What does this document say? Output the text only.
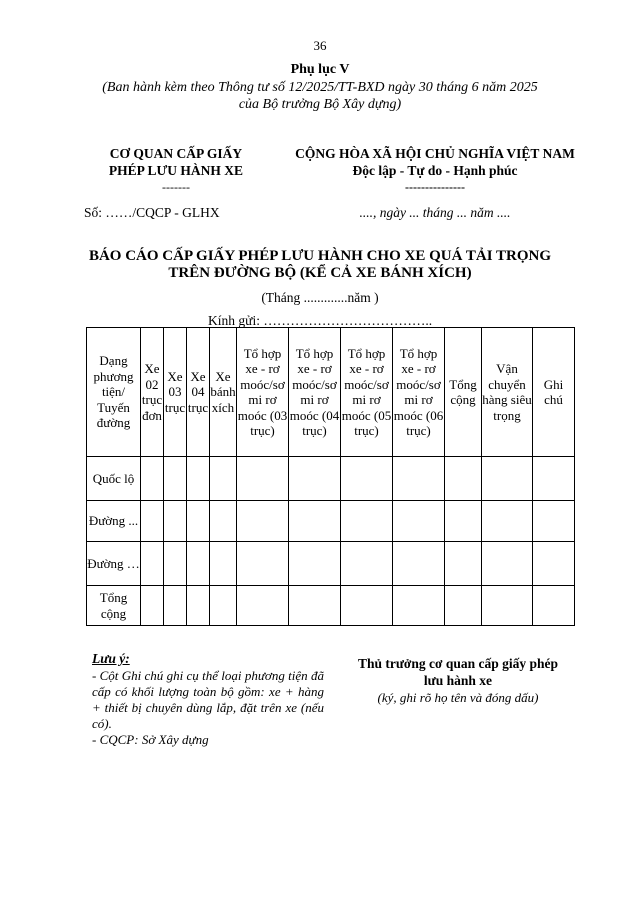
36
Phụ lục V
(Ban hành kèm theo Thông tư số 12/2025/TT-BXD ngày 30 tháng 6 năm 2025
của Bộ trưởng Bộ Xây dựng)
CƠ QUAN CẤP GIẤY
PHÉP LƯU HÀNH XE
-------
Số: ……/CQCP - GLHX
CỘNG HÒA XÃ HỘI CHỦ NGHĨA VIỆT NAM
Độc lập - Tự do - Hạnh phúc
---------------
...., ngày ... tháng ... năm ....
BÁO CÁO CẤP GIẤY PHÉP LƯU HÀNH CHO XE QUÁ TẢI TRỌNG
TRÊN ĐƯỜNG BỘ (KỂ CẢ XE BÁNH XÍCH)
(Tháng .............năm )
Kính gửi: ………………………………..
Dạng phương tiện/ Tuyến đường	Xe 02 trục đơn	Xe 03 trục	Xe 04 trục	Xe bánh xích	Tổ hợp xe - rơ moóc/sơ mi rơ moóc (03 trục)	Tổ hợp xe - rơ moóc/sơ mi rơ moóc (04 trục)	Tổ hợp xe - rơ moóc/sơ mi rơ moóc (05 trục)	Tổ hợp xe - rơ moóc/sơ mi rơ moóc (06 trục)	Tổng cộng	Vận chuyển hàng siêu trọng	Ghi chú
Quốc lộ											
Đường ...											
Đường …											
Tổng cộng											
Lưu ý:

- Cột Ghi chú ghi cụ thể loại phương tiện đã cấp có khối lượng toàn bộ gồm: xe + hàng + thiết bị chuyên dùng lắp, đặt trên xe (nếu có).

- CQCP: Sở Xây dựng

Thủ trưởng cơ quan cấp giấy phép
lưu hành xe
(ký, ghi rõ họ tên và đóng dấu)
